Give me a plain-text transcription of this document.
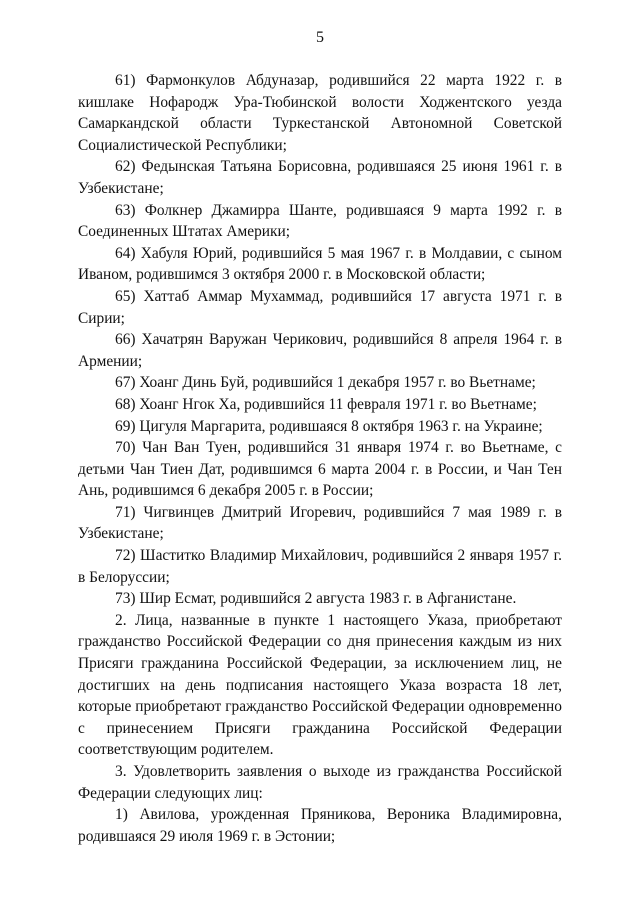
5

61) Фармонкулов Абдуназар, родившийся 22 марта 1922 г. в кишлаке Нофародж Ура-Тюбинской волости Ходжентского уезда Самаркандской области Туркестанской Автономной Советской Социалистической Республики;

62) Федынская Татьяна Борисовна, родившаяся 25 июня 1961 г. в Узбекистане;

63) Фолкнер Джамирра Шанте, родившаяся 9 марта 1992 г. в Соединенных Штатах Америки;

64) Хабуля Юрий, родившийся 5 мая 1967 г. в Молдавии, с сыном Иваном, родившимся 3 октября 2000 г. в Московской области;

65) Хаттаб Аммар Мухаммад, родившийся 17 августа 1971 г. в Сирии;

66) Хачатрян Варужан Черикович, родившийся 8 апреля 1964 г. в Армении;

67) Хоанг Динь Буй, родившийся 1 декабря 1957 г. во Вьетнаме;

68) Хоанг Нгок Ха, родившийся 11 февраля 1971 г. во Вьетнаме;

69) Цигуля Маргарита, родившаяся 8 октября 1963 г. на Украине;

70) Чан Ван Туен, родившийся 31 января 1974 г. во Вьетнаме, с детьми Чан Тиен Дат, родившимся 6 марта 2004 г. в России, и Чан Тен Ань, родившимся 6 декабря 2005 г. в России;

71) Чигвинцев Дмитрий Игоревич, родившийся 7 мая 1989 г. в Узбекистане;

72) Шаститко Владимир Михайлович, родившийся 2 января 1957 г. в Белоруссии;

73) Шир Есмат, родившийся 2 августа 1983 г. в Афганистане.

2. Лица, названные в пункте 1 настоящего Указа, приобретают гражданство Российской Федерации со дня принесения каждым из них Присяги гражданина Российской Федерации, за исключением лиц, не достигших на день подписания настоящего Указа возраста 18 лет, которые приобретают гражданство Российской Федерации одновременно с принесением Присяги гражданина Российской Федерации соответствующим родителем.

3. Удовлетворить заявления о выходе из гражданства Российской Федерации следующих лиц:

1) Авилова, урожденная Пряникова, Вероника Владимировна, родившаяся 29 июля 1969 г. в Эстонии;
